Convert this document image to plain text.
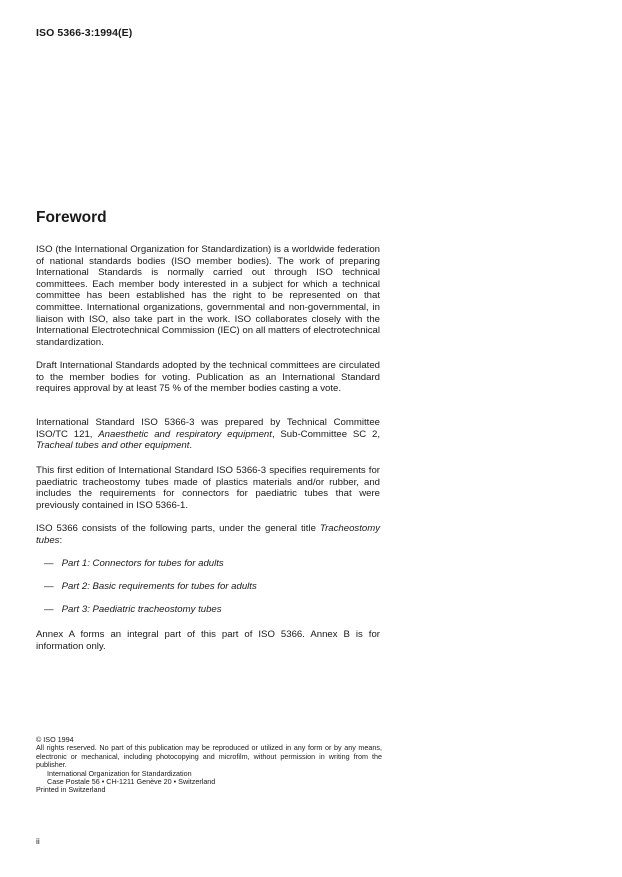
ISO 5366-3:1994(E)
Foreword
ISO (the International Organization for Standardization) is a worldwide federation of national standards bodies (ISO member bodies). The work of preparing International Standards is normally carried out through ISO technical committees. Each member body interested in a subject for which a technical committee has been established has the right to be represented on that committee. International organizations, governmental and non-governmental, in liaison with ISO, also take part in the work. ISO collaborates closely with the International Electrotechnical Commission (IEC) on all matters of electrotechnical standardization.
Draft International Standards adopted by the technical committees are circulated to the member bodies for voting. Publication as an International Standard requires approval by at least 75 % of the member bodies casting a vote.
International Standard ISO 5366-3 was prepared by Technical Committee ISO/TC 121, Anaesthetic and respiratory equipment, Sub-Committee SC 2, Tracheal tubes and other equipment.
This first edition of International Standard ISO 5366-3 specifies requirements for paediatric tracheostomy tubes made of plastics materials and/or rubber, and includes the requirements for connectors for paediatric tubes that were previously contained in ISO 5366-1.
ISO 5366 consists of the following parts, under the general title Tracheostomy tubes:
— Part 1: Connectors for tubes for adults
— Part 2: Basic requirements for tubes for adults
— Part 3: Paediatric tracheostomy tubes
Annex A forms an integral part of this part of ISO 5366. Annex B is for information only.
© ISO 1994
All rights reserved. No part of this publication may be reproduced or utilized in any form or by any means, electronic or mechanical, including photocopying and microfilm, without permission in writing from the publisher.
International Organization for Standardization
Case Postale 56 • CH-1211 Genève 20 • Switzerland
Printed in Switzerland
ii
